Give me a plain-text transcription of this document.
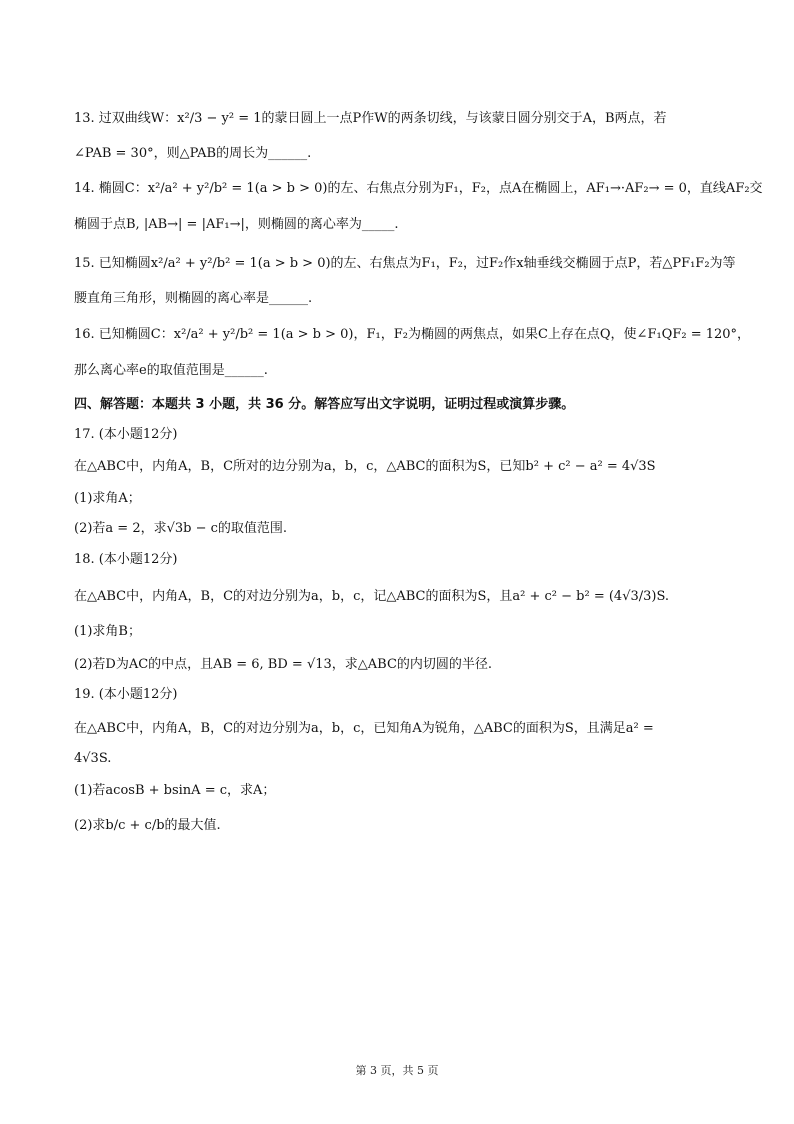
13. 过双曲线W：x²/3 − y² = 1的蒙日圆上一点P作W的两条切线，与该蒙日圆分别交于A，B两点，若
∠PAB = 30°，则△PAB的周长为______.
14. 椭圆C：x²/a² + y²/b² = 1(a > b > 0)的左、右焦点分别为F₁，F₂，点A在椭圆上，AF₁→·AF₂→ = 0，直线AF₂交
椭圆于点B, |AB→| = |AF₁→|，则椭圆的离心率为_____.
15. 已知椭圆x²/a² + y²/b² = 1(a > b > 0)的左、右焦点为F₁，F₂，过F₂作x轴垂线交椭圆于点P，若△PF₁F₂为等
腰直角三角形，则椭圆的离心率是______.
16. 已知椭圆C：x²/a² + y²/b² = 1(a > b > 0)，F₁，F₂为椭圆的两焦点，如果C上存在点Q，使∠F₁QF₂ = 120°，
那么离心率e的取值范围是______.
四、解答题：本题共 3 小题，共 36 分。解答应写出文字说明，证明过程或演算步骤。
17. (本小题12分)
在△ABC中，内角A，B，C所对的边分别为a，b，c，△ABC的面积为S，已知b² + c² − a² = 4√3S
(1)求角A；
(2)若a = 2，求√3b − c的取值范围.
18. (本小题12分)
在△ABC中，内角A，B，C的对边分别为a，b，c，记△ABC的面积为S，且a² + c² − b² = (4√3/3)S.
(1)求角B；
(2)若D为AC的中点，且AB = 6, BD = √13，求△ABC的内切圆的半径.
19. (本小题12分)
在△ABC中，内角A，B，C的对边分别为a，b，c，已知角A为锐角，△ABC的面积为S，且满足a² =
4√3S.
(1)若acosB + bsinA = c，求A；
(2)求b/c + c/b的最大值.
第 3 页，共 5 页
